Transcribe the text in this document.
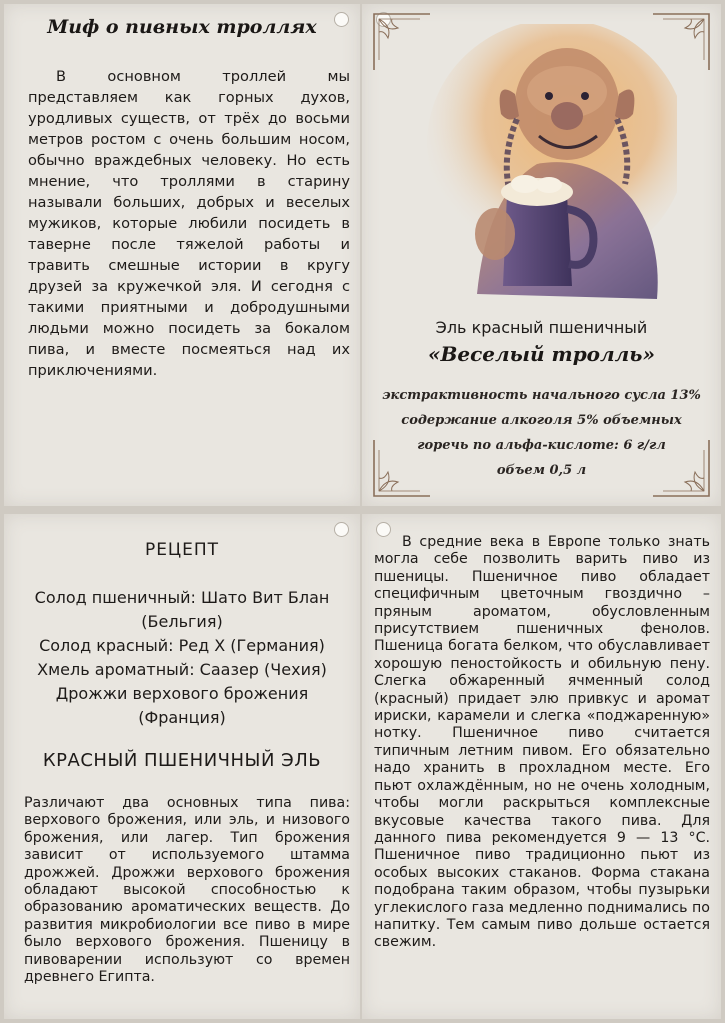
Миф о пивных троллях
В основном троллей мы представляем как горных духов, уродливых существ, от трёх до восьми метров ростом с очень большим носом, обычно враждебных человеку. Но есть мнение, что троллями в старину называли больших, добрых и веселых мужиков, которые любили посидеть в таверне после тяжелой работы и травить смешные истории в кругу друзей за кружечкой эля. И сегодня с такими приятными и добродушными людьми можно посидеть за бокалом пива, и вместе посмеяться над их приключениями.
Эль красный пшеничный
«Веселый тролль»
экстрактивность начального сусла 13%
содержание алкоголя 5% объемных
горечь по альфа-кислоте: 6 г/гл
объем 0,5 л
РЕЦЕПТ
Солод пшеничный: Шато Вит Блан
(Бельгия)
Солод красный: Ред Х (Германия)
Хмель ароматный: Саазер (Чехия)
Дрожжи верхового брожения
(Франция)
КРАСНЫЙ ПШЕНИЧНЫЙ ЭЛЬ
Различают два основных типа пива: верхового брожения, или эль, и низового брожения, или лагер. Тип брожения зависит от используемого штамма дрожжей. Дрожжи верхового брожения обладают высокой способностью к образованию ароматических веществ. До развития микробиологии все пиво в мире было верхового брожения. Пшеницу в пивоварении используют со времен древнего Египта.
В средние века в Европе только знать могла себе позволить варить пиво из пшеницы. Пшеничное пиво обладает специфичным цветочным гвоздично – пряным ароматом, обусловленным присутствием пшеничных фенолов. Пшеница богата белком, что обуславливает хорошую пеностойкость и обильную пену. Слегка обжаренный ячменный солод (красный) придает элю привкус и аромат ириски, карамели и слегка «поджаренную» нотку. Пшеничное пиво считается типичным летним пивом. Его обязательно надо хранить в прохладном месте. Его пьют охлаждённым, но не очень холодным, чтобы могли раскрыться комплексные вкусовые качества такого пива. Для данного пива рекомендуется 9 — 13 °С. Пшеничное пиво традиционно пьют из особых высоких стаканов. Форма стакана подобрана таким образом, чтобы пузырьки углекислого газа медленно поднимались по напитку. Тем самым пиво дольше остается свежим.
